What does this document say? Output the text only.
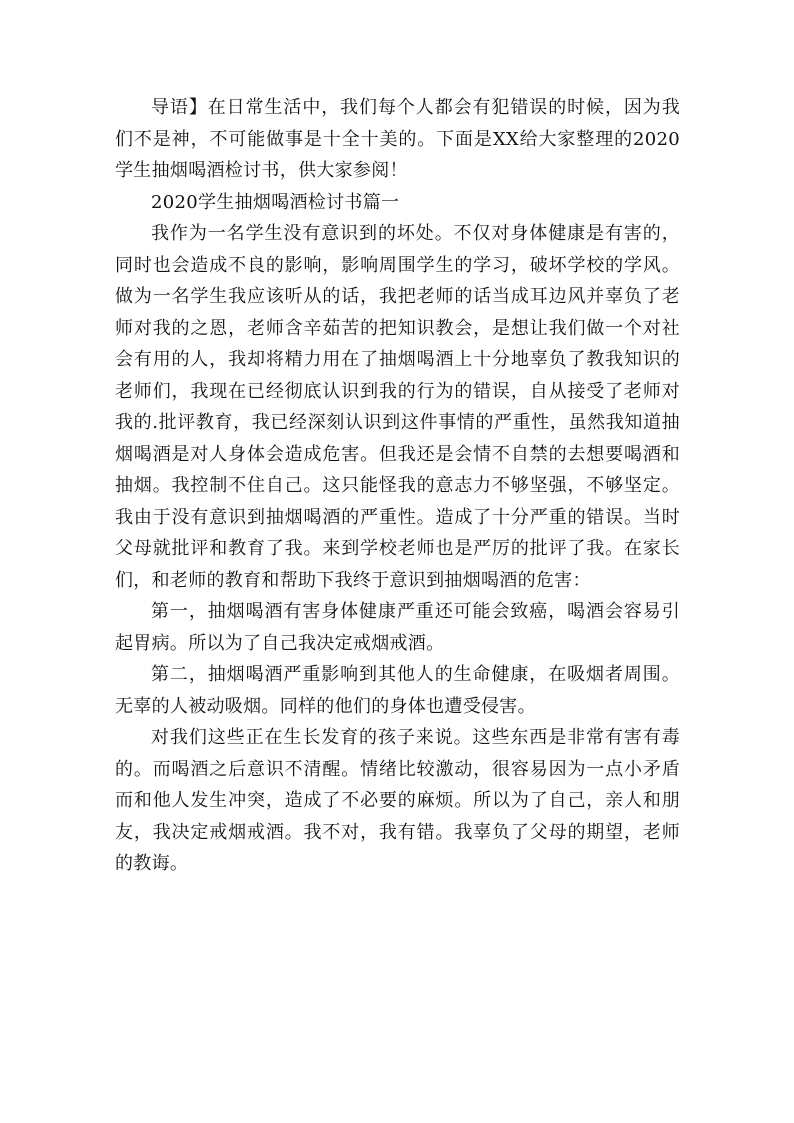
导语】在日常生活中，我们每个人都会有犯错误的时候，因为我们不是神，不可能做事是十全十美的。下面是XX给大家整理的2020学生抽烟喝酒检讨书，供大家参阅！

2020学生抽烟喝酒检讨书篇一

我作为一名学生没有意识到的坏处。不仅对身体健康是有害的，同时也会造成不良的影响，影响周围学生的学习，破坏学校的学风。做为一名学生我应该听从的话，我把老师的话当成耳边风并辜负了老师对我的之恩，老师含辛茹苦的把知识教会，是想让我们做一个对社会有用的人，我却将精力用在了抽烟喝酒上十分地辜负了教我知识的老师们，我现在已经彻底认识到我的行为的错误，自从接受了老师对我的.批评教育，我已经深刻认识到这件事情的严重性，虽然我知道抽烟喝酒是对人身体会造成危害。但我还是会情不自禁的去想要喝酒和抽烟。我控制不住自己。这只能怪我的意志力不够坚强，不够坚定。我由于没有意识到抽烟喝酒的严重性。造成了十分严重的错误。当时父母就批评和教育了我。来到学校老师也是严厉的批评了我。在家长们，和老师的教育和帮助下我终于意识到抽烟喝酒的危害：

第一，抽烟喝酒有害身体健康严重还可能会致癌，喝酒会容易引起胃病。所以为了自己我决定戒烟戒酒。

第二，抽烟喝酒严重影响到其他人的生命健康，在吸烟者周围。无辜的人被动吸烟。同样的他们的身体也遭受侵害。

对我们这些正在生长发育的孩子来说。这些东西是非常有害有毒的。而喝酒之后意识不清醒。情绪比较激动，很容易因为一点小矛盾而和他人发生冲突，造成了不必要的麻烦。所以为了自己，亲人和朋友，我决定戒烟戒酒。我不对，我有错。我辜负了父母的期望，老师的教诲。
